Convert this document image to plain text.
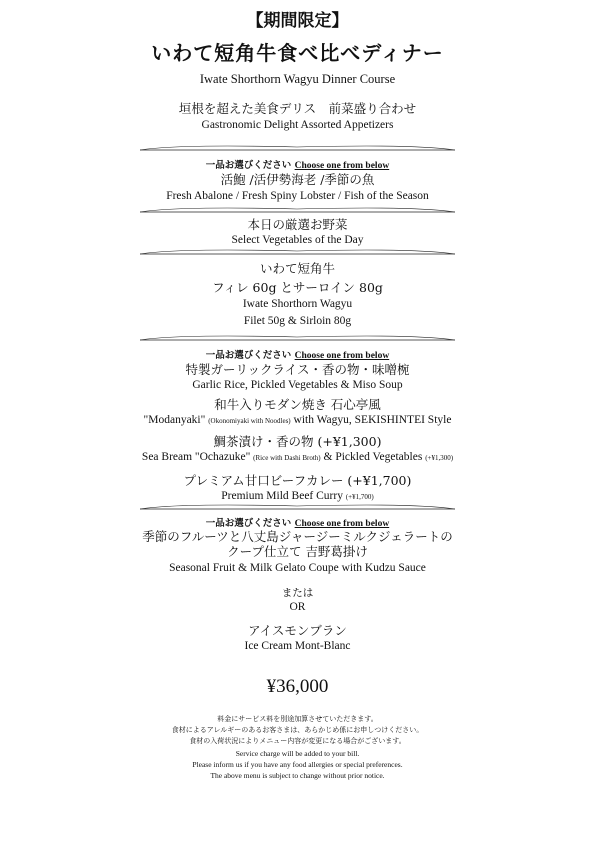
【期間限定】
いわて短角牛食べ比べディナー
Iwate Shorthorn Wagyu Dinner Course
垣根を超えた美食デリス　前菜盛り合わせ
Gastronomic Delight Assorted Appetizers
一品お選びください Choose one from below
活鮑 /活伊勢海老 /季節の魚
Fresh Abalone / Fresh Spiny Lobster / Fish of the Season
本日の厳選お野菜
Select Vegetables of the Day
いわて短角牛
フィレ 60g とサーロイン 80g
Iwate Shorthorn Wagyu
Filet 50g & Sirloin 80g
一品お選びください Choose one from below
特製ガーリックライス・香の物・味噌椀
Garlic Rice, Pickled Vegetables & Miso Soup
和牛入りモダン焼き 石心亭風
"Modanyaki" (Okonomiyaki with Noodles) with Wagyu, SEKISHINTEI Style
鯛茶漬け・香の物 (+¥1,300)
Sea Bream "Ochazuke" (Rice with Dashi Broth) & Pickled Vegetables (+¥1,300)
プレミアム甘口ビーフカレー (+¥1,700)
Premium Mild Beef Curry (+¥1,700)
一品お選びください Choose one from below
季節のフルーツと八丈島ジャージーミルクジェラートの
クープ仕立て 吉野葛掛け
Seasonal Fruit & Milk Gelato Coupe with Kudzu Sauce
または
OR
アイスモンブラン
Ice Cream Mont-Blanc
¥36,000
料金にサービス料を別途加算させていただきます。
食材によるアレルギーのあるお客さまは、あらかじめ係にお申しつけください。
食材の入荷状況によりメニュー内容が変更になる場合がございます。
Service charge will be added to your bill.
Please inform us if you have any food allergies or special preferences.
The above menu is subject to change without prior notice.
